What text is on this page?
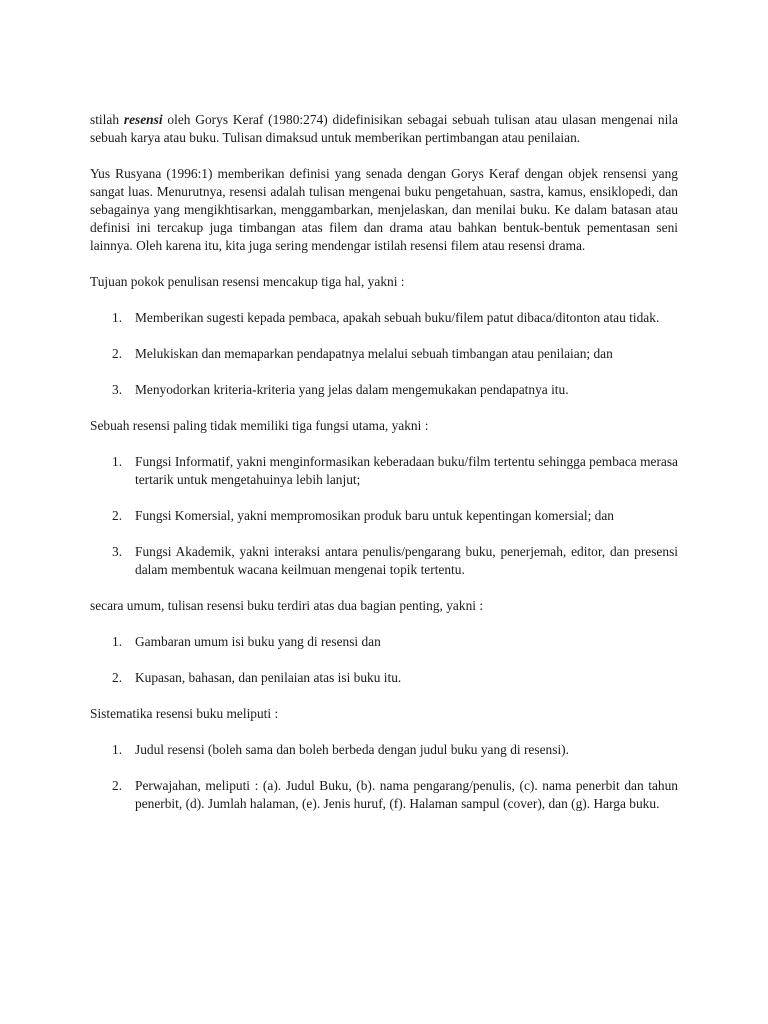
stilah resensi oleh Gorys Keraf (1980:274) didefinisikan sebagai sebuah tulisan atau ulasan mengenai nila sebuah karya atau buku. Tulisan dimaksud untuk memberikan pertimbangan atau penilaian.

Yus Rusyana (1996:1) memberikan definisi yang senada dengan Gorys Keraf dengan objek rensensi yang sangat luas. Menurutnya, resensi adalah tulisan mengenai buku pengetahuan, sastra, kamus, ensiklopedi, dan sebagainya yang mengikhtisarkan, menggambarkan, menjelaskan, dan menilai buku. Ke dalam batasan atau definisi ini tercakup juga timbangan atas filem dan drama atau bahkan bentuk-bentuk pementasan seni lainnya. Oleh karena itu, kita juga sering mendengar istilah resensi filem atau resensi drama.

Tujuan pokok penulisan resensi mencakup tiga hal, yakni :

1. Memberikan sugesti kepada pembaca, apakah sebuah buku/filem patut dibaca/ditonton atau tidak.
2. Melukiskan dan memaparkan pendapatnya melalui sebuah timbangan atau penilaian; dan
3. Menyodorkan kriteria-kriteria yang jelas dalam mengemukakan pendapatnya itu.

Sebuah resensi paling tidak memiliki tiga fungsi utama, yakni :

1. Fungsi Informatif, yakni menginformasikan keberadaan buku/film tertentu sehingga pembaca merasa tertarik untuk mengetahuinya lebih lanjut;
2. Fungsi Komersial, yakni mempromosikan produk baru untuk kepentingan komersial; dan
3. Fungsi Akademik, yakni interaksi antara penulis/pengarang buku, penerjemah, editor, dan presensi dalam membentuk wacana keilmuan mengenai topik tertentu.

secara umum, tulisan resensi buku terdiri atas dua bagian penting, yakni :

1. Gambaran umum isi buku yang di resensi dan
2. Kupasan, bahasan, dan penilaian atas isi buku itu.

Sistematika resensi buku meliputi :

1. Judul resensi (boleh sama dan boleh berbeda dengan judul buku yang di resensi).
2. Perwajahan, meliputi : (a). Judul Buku, (b). nama pengarang/penulis, (c). nama penerbit dan tahun penerbit, (d). Jumlah halaman, (e). Jenis huruf, (f). Halaman sampul (cover), dan (g). Harga buku.
